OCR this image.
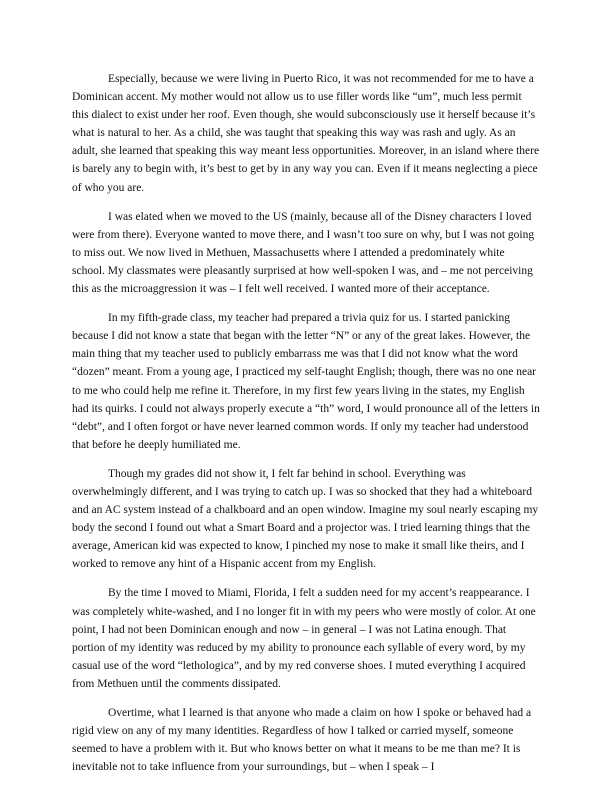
Especially, because we were living in Puerto Rico, it was not recommended for me to have a Dominican accent. My mother would not allow us to use filler words like “um”, much less permit this dialect to exist under her roof. Even though, she would subconsciously use it herself because it’s what is natural to her. As a child, she was taught that speaking this way was rash and ugly. As an adult, she learned that speaking this way meant less opportunities. Moreover, in an island where there is barely any to begin with, it’s best to get by in any way you can. Even if it means neglecting a piece of who you are.

I was elated when we moved to the US (mainly, because all of the Disney characters I loved were from there). Everyone wanted to move there, and I wasn’t too sure on why, but I was not going to miss out. We now lived in Methuen, Massachusetts where I attended a predominately white school. My classmates were pleasantly surprised at how well-spoken I was, and – me not perceiving this as the microaggression it was – I felt well received. I wanted more of their acceptance.

In my fifth-grade class, my teacher had prepared a trivia quiz for us. I started panicking because I did not know a state that began with the letter “N” or any of the great lakes. However, the main thing that my teacher used to publicly embarrass me was that I did not know what the word “dozen” meant. From a young age, I practiced my self-taught English; though, there was no one near to me who could help me refine it. Therefore, in my first few years living in the states, my English had its quirks. I could not always properly execute a “th” word, I would pronounce all of the letters in “debt”, and I often forgot or have never learned common words. If only my teacher had understood that before he deeply humiliated me.

Though my grades did not show it, I felt far behind in school. Everything was overwhelmingly different, and I was trying to catch up. I was so shocked that they had a whiteboard and an AC system instead of a chalkboard and an open window. Imagine my soul nearly escaping my body the second I found out what a Smart Board and a projector was. I tried learning things that the average, American kid was expected to know, I pinched my nose to make it small like theirs, and I worked to remove any hint of a Hispanic accent from my English.

By the time I moved to Miami, Florida, I felt a sudden need for my accent’s reappearance. I was completely white-washed, and I no longer fit in with my peers who were mostly of color. At one point, I had not been Dominican enough and now – in general – I was not Latina enough. That portion of my identity was reduced by my ability to pronounce each syllable of every word, by my casual use of the word “lethologica”, and by my red converse shoes. I muted everything I acquired from Methuen until the comments dissipated.

Overtime, what I learned is that anyone who made a claim on how I spoke or behaved had a rigid view on any of my many identities. Regardless of how I talked or carried myself, someone seemed to have a problem with it. But who knows better on what it means to be me than me? It is inevitable not to take influence from your surroundings, but – when I speak – I
